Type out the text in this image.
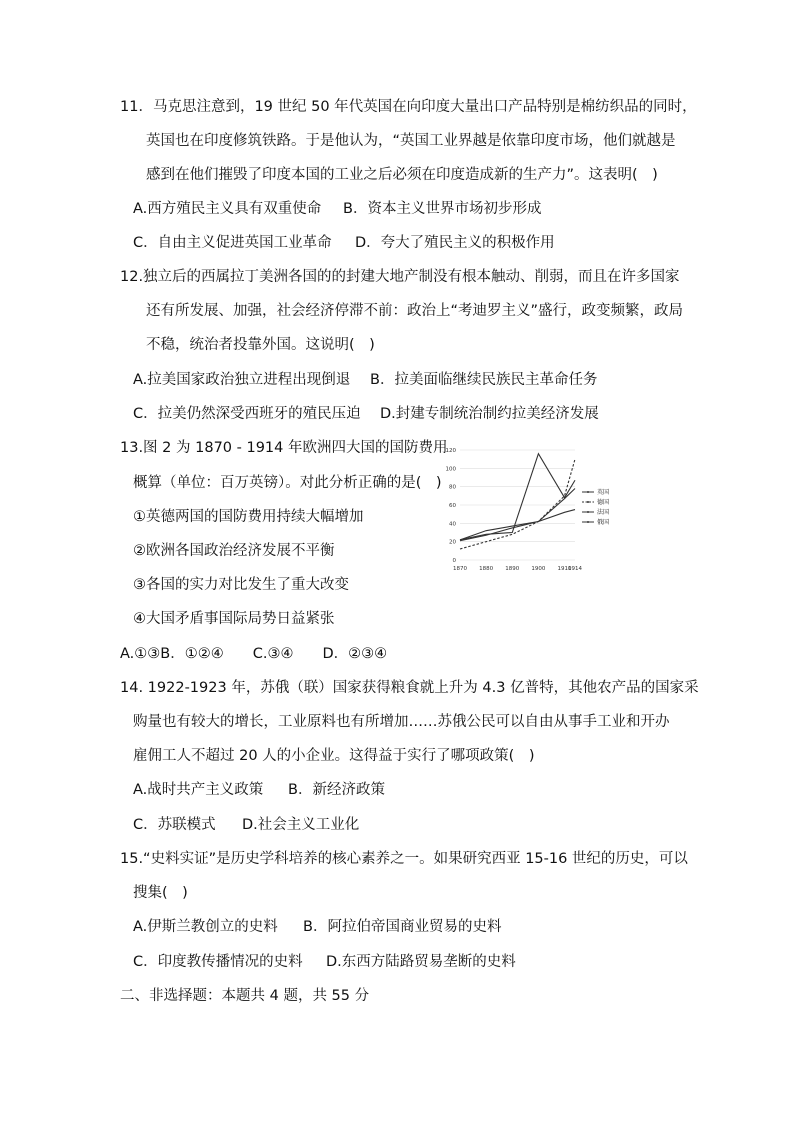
11．马克思注意到，19 世纪 50 年代英国在向印度大量出口产品特别是棉纺织品的同时，
英国也在印度修筑铁路。于是他认为，“英国工业界越是依靠印度市场，他们就越是
感到在他们摧毁了印度本国的工业之后必须在印度造成新的生产力”。这表明(　)
A.西方殖民主义具有双重使命 B．资本主义世界市场初步形成
C．自由主义促进英国工业革命 D．夸大了殖民主义的积极作用
12.独立后的西属拉丁美洲各国的的封建大地产制没有根本触动、削弱，而且在许多国家
还有所发展、加强，社会经济停滞不前：政治上“考迪罗主义”盛行，政变频繁，政局
不稳，统治者投靠外国。这说明(　)
A.拉美国家政治独立进程出现倒退 B．拉美面临继续民族民主革命任务
C．拉美仍然深受西班牙的殖民压迫 D.封建专制统治制约拉美经济发展
13.图 2 为 1870 - 1914 年欧洲四大国的国防费用
概算（单位：百万英镑）。对此分析正确的是(　)
①英德两国的国防费用持续大幅增加
②欧洲各国政治经济发展不平衡
③各国的实力对比发生了重大改变
④大国矛盾事国际局势日益紧张
A.①③B．①②④　　C.③④　　D．②③④
0
20
40
60
80
100
120
1870 1880 1890 1900 1910
1914
英国
德国
法国
俄国
14. 1922-1923 年，苏俄（联）国家获得粮食就上升为 4.3 亿普特，其他农产品的国家采
购量也有较大的增长，工业原料也有所增加……苏俄公民可以自由从事手工业和开办
雇佣工人不超过 20 人的小企业。这得益于实行了哪项政策(　)
A.战时共产主义政策 B．新经济政策
C．苏联模式 D.社会主义工业化
15.“史料实证”是历史学科培养的核心素养之一。如果研究西亚 15-16 世纪的历史，可以
搜集(　)
A.伊斯兰教创立的史料 B．阿拉伯帝国商业贸易的史料
C．印度教传播情况的史料 D.东西方陆路贸易垄断的史料
二、非选择题：本题共 4 题，共 55 分
